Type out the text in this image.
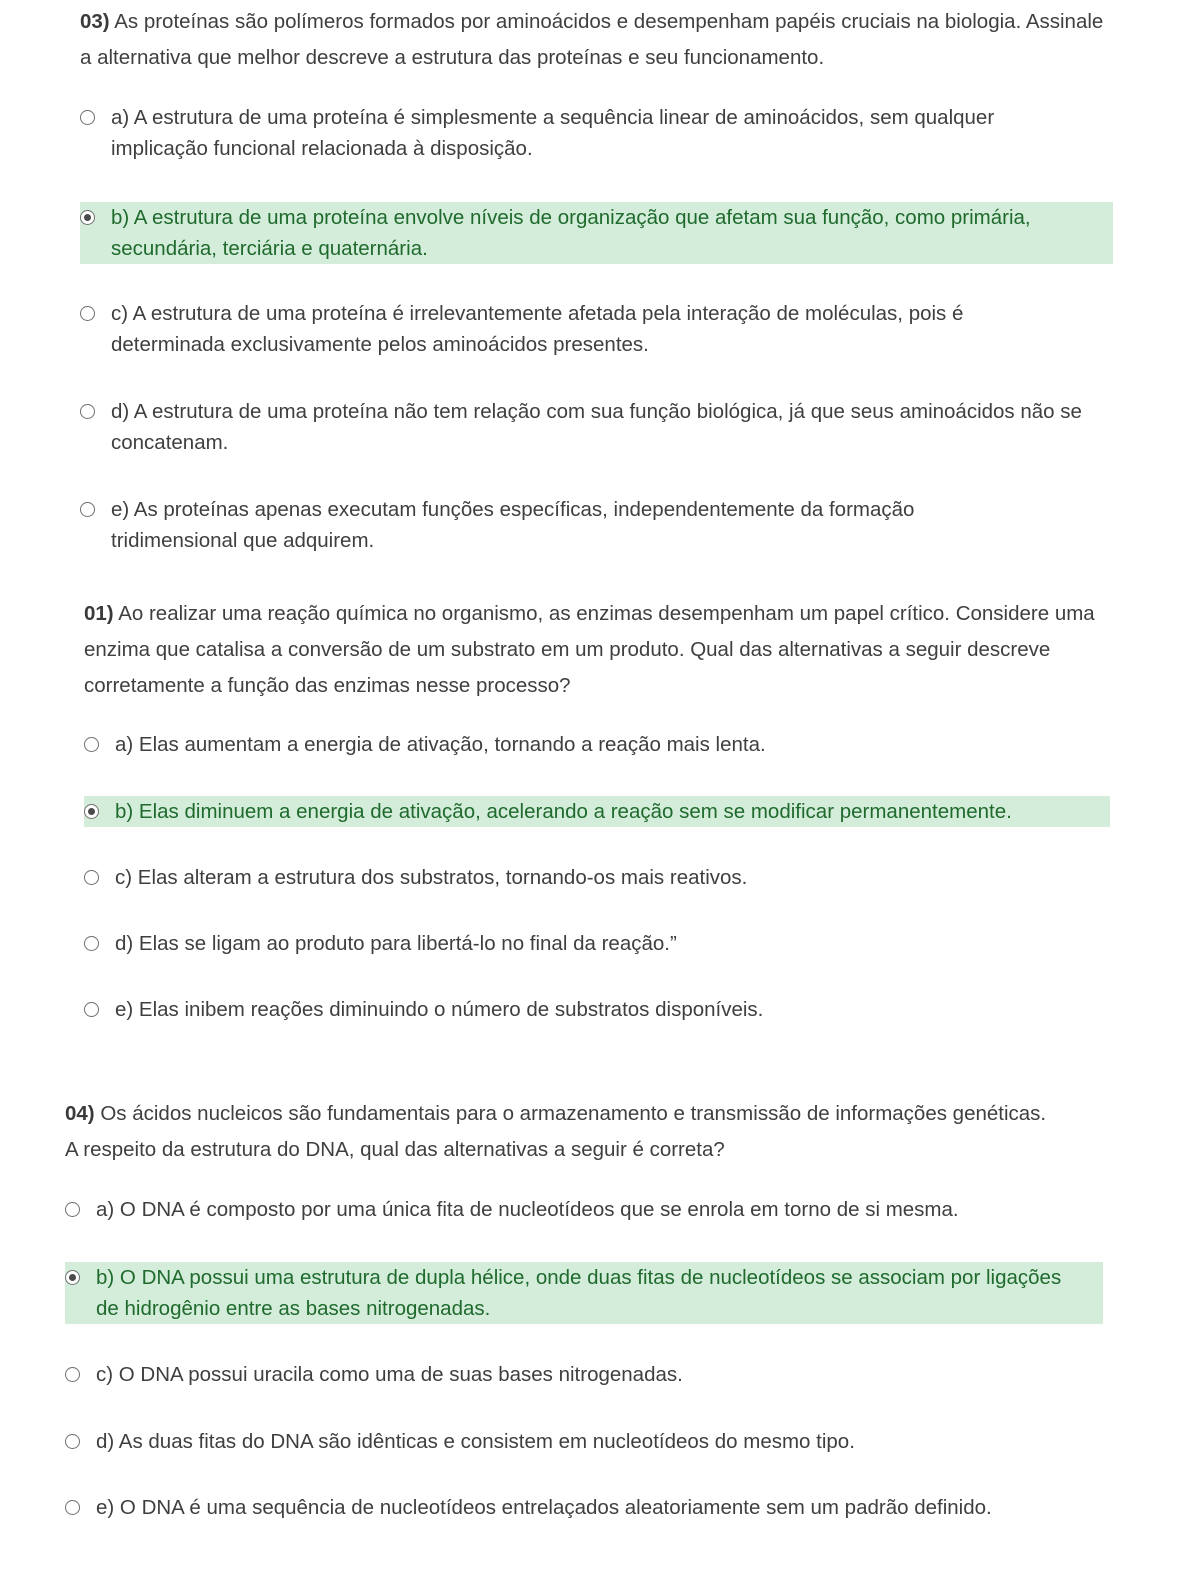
03) As proteínas são polímeros formados por aminoácidos e desempenham papéis cruciais na biologia. Assinale a alternativa que melhor descreve a estrutura das proteínas e seu funcionamento.

a) A estrutura de uma proteína é simplesmente a sequência linear de aminoácidos, sem qualquer implicação funcional relacionada à disposição.
b) A estrutura de uma proteína envolve níveis de organização que afetam sua função, como primária, secundária, terciária e quaternária.
c) A estrutura de uma proteína é irrelevantemente afetada pela interação de moléculas, pois é determinada exclusivamente pelos aminoácidos presentes.
d) A estrutura de uma proteína não tem relação com sua função biológica, já que seus aminoácidos não se concatenam.
e) As proteínas apenas executam funções específicas, independentemente da formação tridimensional que adquirem.

01) Ao realizar uma reação química no organismo, as enzimas desempenham um papel crítico. Considere uma enzima que catalisa a conversão de um substrato em um produto. Qual das alternativas a seguir descreve corretamente a função das enzimas nesse processo?

a) Elas aumentam a energia de ativação, tornando a reação mais lenta.
b) Elas diminuem a energia de ativação, acelerando a reação sem se modificar permanentemente.
c) Elas alteram a estrutura dos substratos, tornando-os mais reativos.
d) Elas se ligam ao produto para libertá-lo no final da reação.”
e) Elas inibem reações diminuindo o número de substratos disponíveis.

04) Os ácidos nucleicos são fundamentais para o armazenamento e transmissão de informações genéticas. A respeito da estrutura do DNA, qual das alternativas a seguir é correta?

a) O DNA é composto por uma única fita de nucleotídeos que se enrola em torno de si mesma.
b) O DNA possui uma estrutura de dupla hélice, onde duas fitas de nucleotídeos se associam por ligações de hidrogênio entre as bases nitrogenadas.
c) O DNA possui uracila como uma de suas bases nitrogenadas.
d) As duas fitas do DNA são idênticas e consistem em nucleotídeos do mesmo tipo.
e) O DNA é uma sequência de nucleotídeos entrelaçados aleatoriamente sem um padrão definido.
